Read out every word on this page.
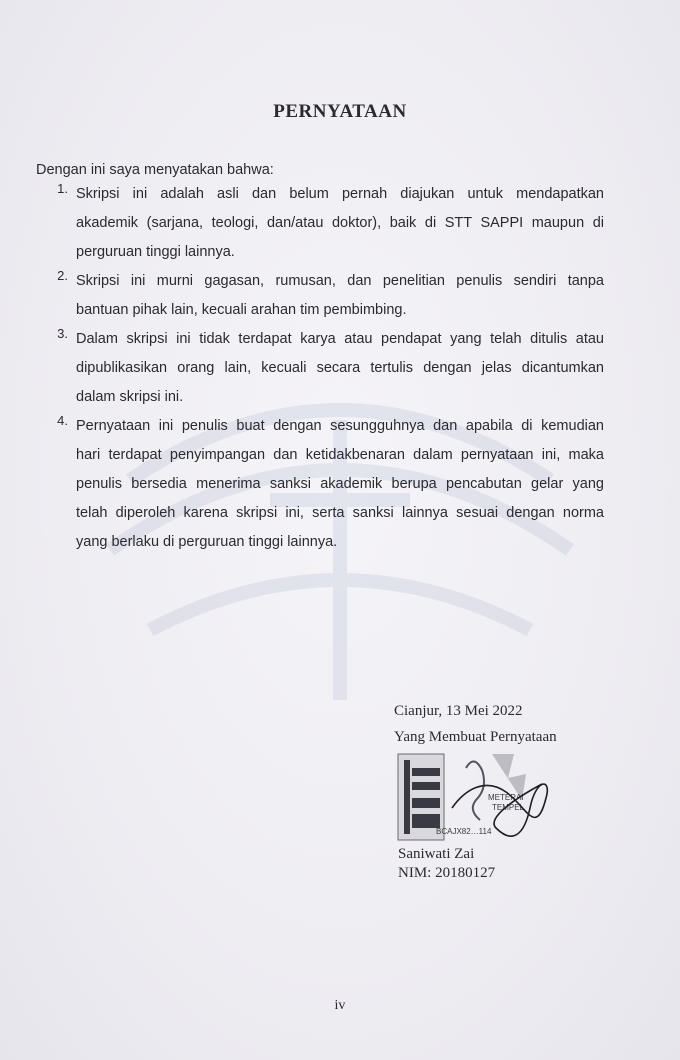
PERNYATAAN
Dengan ini saya menyatakan bahwa:
1. Skripsi ini adalah asli dan belum pernah diajukan untuk mendapatkan
akademik (sarjana, teologi, dan/atau doktor), baik di STT SAPPI maupun di
perguruan tinggi lainnya.
2. Skripsi ini murni gagasan, rumusan, dan penelitian penulis sendiri tanpa
bantuan pihak lain, kecuali arahan tim pembimbing.
3. Dalam skripsi ini tidak terdapat karya atau pendapat yang telah ditulis atau
dipublikasikan orang lain, kecuali secara tertulis dengan jelas dicantumkan
dalam skripsi ini.
4. Pernyataan ini penulis buat dengan sesungguhnya dan apabila di kemudian
hari terdapat penyimpangan dan ketidakbenaran dalam pernyataan ini, maka
penulis bersedia menerima sanksi akademik berupa pencabutan gelar yang
telah diperoleh karena skripsi ini, serta sanksi lainnya sesuai dengan norma
yang berlaku di perguruan tinggi lainnya.
Cianjur, 13 Mei 2022
Yang Membuat Pernyataan
METERAI
TEMPEL
BCAJX82…114
Saniwati Zai
NIM: 20180127
iv
